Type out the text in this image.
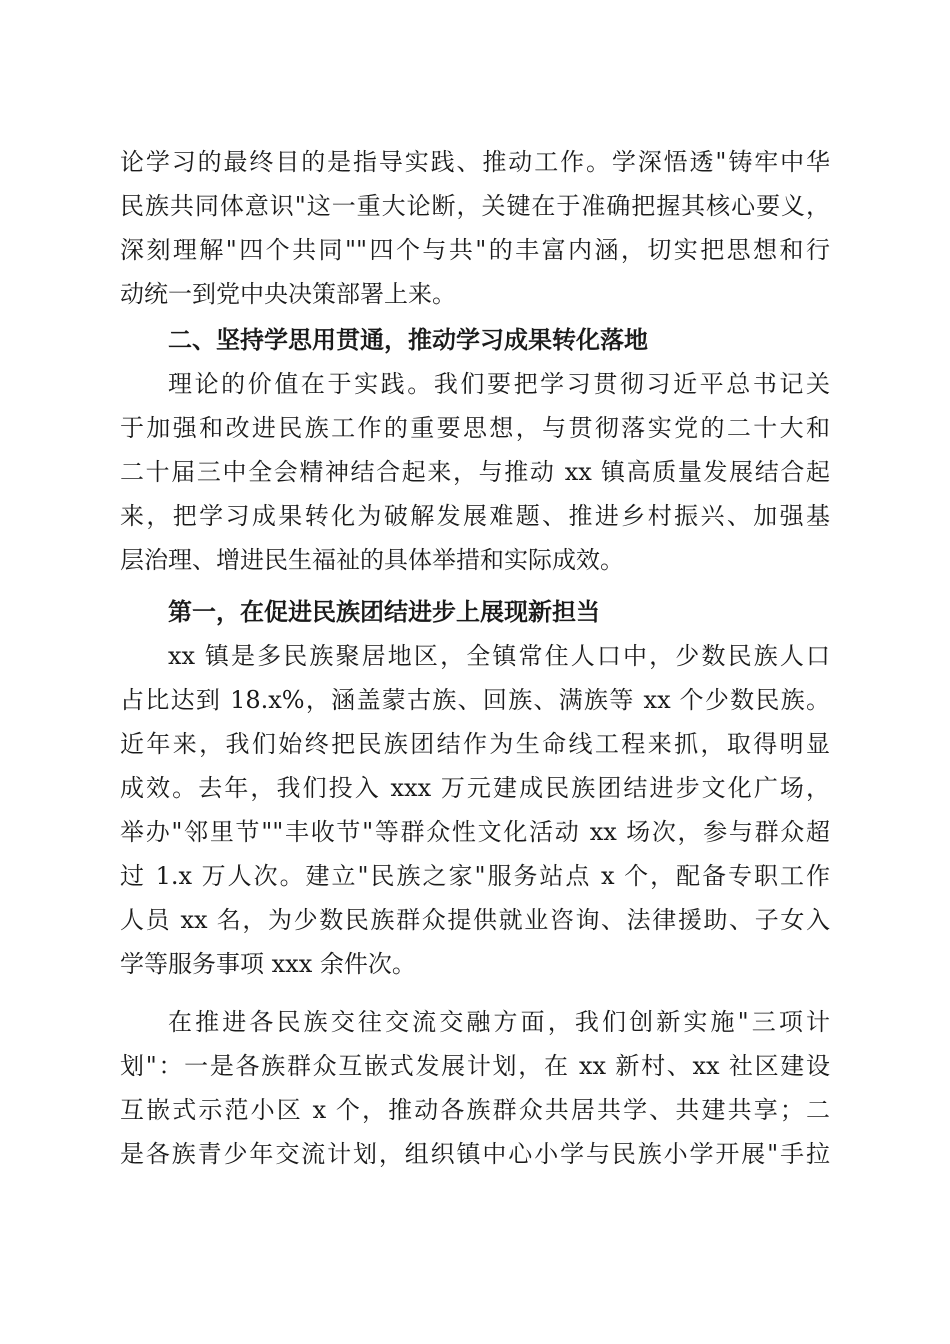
论学习的最终目的是指导实践、推动工作。学深悟透"铸牢中华
民族共同体意识"这一重大论断，关键在于准确把握其核心要义，
深刻理解"四个共同""四个与共"的丰富内涵，切实把思想和行
动统一到党中央决策部署上来。
二、坚持学思用贯通，推动学习成果转化落地
理论的价值在于实践。我们要把学习贯彻习近平总书记关
于加强和改进民族工作的重要思想，与贯彻落实党的二十大和
二十届三中全会精神结合起来，与推动 xx 镇高质量发展结合起
来，把学习成果转化为破解发展难题、推进乡村振兴、加强基
层治理、增进民生福祉的具体举措和实际成效。
第一，在促进民族团结进步上展现新担当
xx 镇是多民族聚居地区，全镇常住人口中，少数民族人口
占比达到 18.x%，涵盖蒙古族、回族、满族等 xx 个少数民族。
近年来，我们始终把民族团结作为生命线工程来抓，取得明显
成效。去年，我们投入 xxx 万元建成民族团结进步文化广场，
举办"邻里节""丰收节"等群众性文化活动 xx 场次，参与群众超
过 1.x 万人次。建立"民族之家"服务站点 x 个，配备专职工作
人员 xx 名，为少数民族群众提供就业咨询、法律援助、子女入
学等服务事项 xxx 余件次。
在推进各民族交往交流交融方面，我们创新实施"三项计
划"：一是各族群众互嵌式发展计划，在 xx 新村、xx 社区建设
互嵌式示范小区 x 个，推动各族群众共居共学、共建共享；二
是各族青少年交流计划，组织镇中心小学与民族小学开展"手拉
